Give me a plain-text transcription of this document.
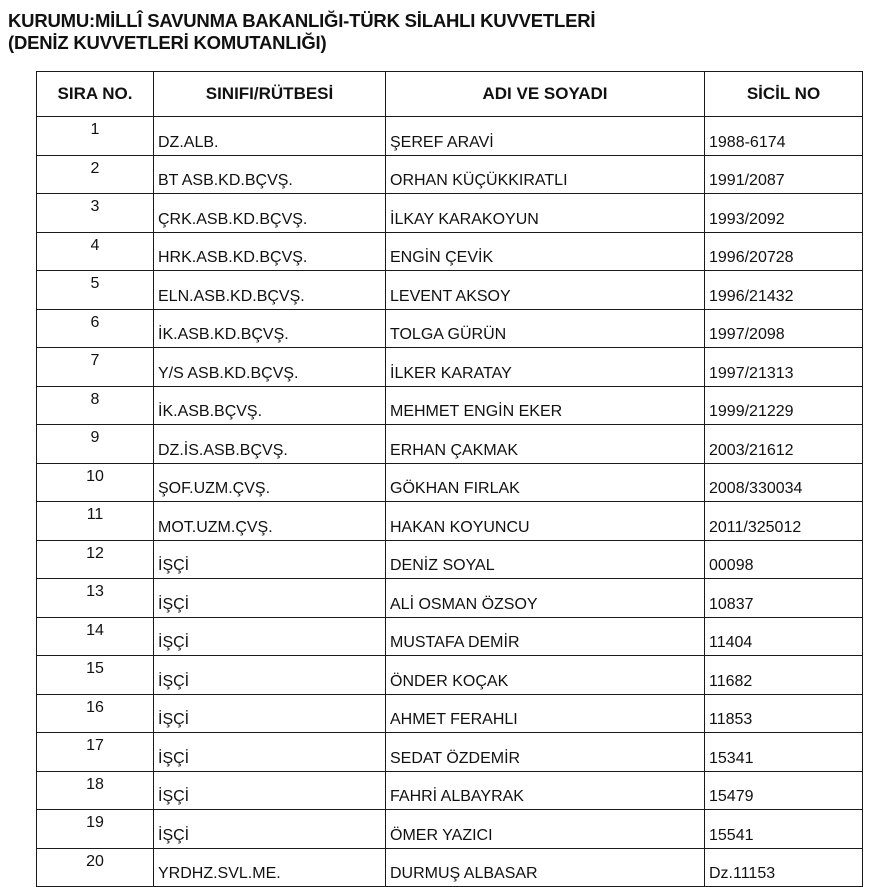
KURUMU:MİLLÎ SAVUNMA BAKANLIĞI-TÜRK SİLAHLI KUVVETLERİ
(DENİZ KUVVETLERİ KOMUTANLIĞI)
SIRA NO.	SINIFI/RÜTBESİ	ADI VE SOYADI	SİCİL NO
1	DZ.ALB.	ŞEREF ARAVİ	1988-6174
2	BT ASB.KD.BÇVŞ.	ORHAN KÜÇÜKKIRATLI	1991/2087
3	ÇRK.ASB.KD.BÇVŞ.	İLKAY KARAKOYUN	1993/2092
4	HRK.ASB.KD.BÇVŞ.	ENGİN ÇEVİK	1996/20728
5	ELN.ASB.KD.BÇVŞ.	LEVENT AKSOY	1996/21432
6	İK.ASB.KD.BÇVŞ.	TOLGA GÜRÜN	1997/2098
7	Y/S ASB.KD.BÇVŞ.	İLKER KARATAY	1997/21313
8	İK.ASB.BÇVŞ.	MEHMET ENGİN EKER	1999/21229
9	DZ.İS.ASB.BÇVŞ.	ERHAN ÇAKMAK	2003/21612
10	ŞOF.UZM.ÇVŞ.	GÖKHAN FIRLAK	2008/330034
11	MOT.UZM.ÇVŞ.	HAKAN KOYUNCU	2011/325012
12	İŞÇİ	DENİZ SOYAL	00098
13	İŞÇİ	ALİ OSMAN ÖZSOY	10837
14	İŞÇİ	MUSTAFA DEMİR	11404
15	İŞÇİ	ÖNDER KOÇAK	11682
16	İŞÇİ	AHMET FERAHLI	11853
17	İŞÇİ	SEDAT ÖZDEMİR	15341
18	İŞÇİ	FAHRİ ALBAYRAK	15479
19	İŞÇİ	ÖMER YAZICI	15541
20	YRDHZ.SVL.ME.	DURMUŞ ALBASAR	Dz.11153
